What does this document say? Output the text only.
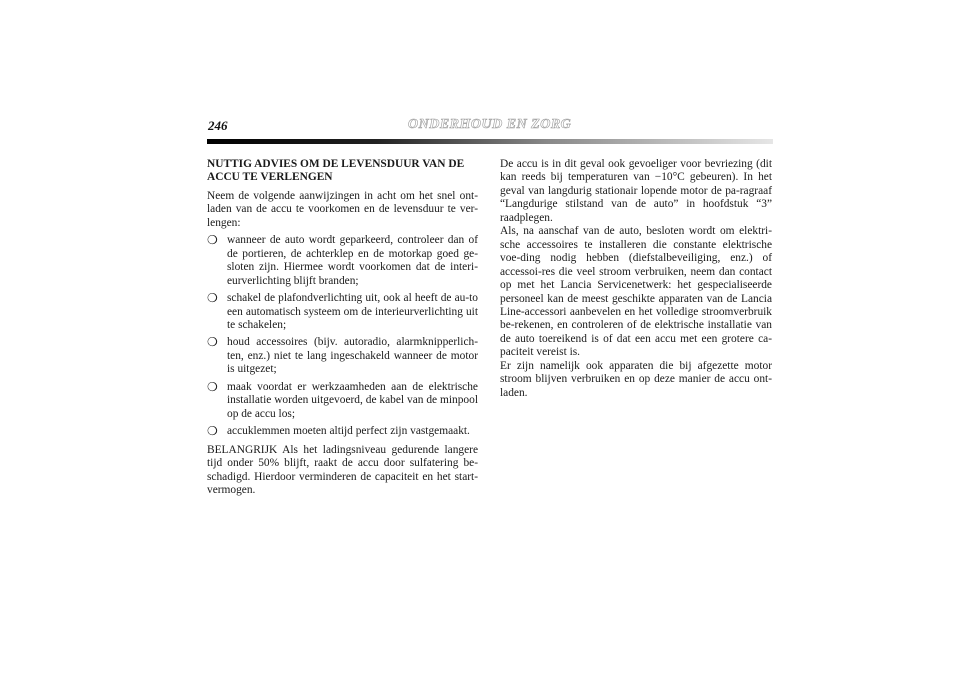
246	ONDERHOUD EN ZORG

NUTTIG ADVIES OM DE LEVENSDUUR VAN DE ACCU TE VERLENGEN

Neem de volgende aanwijzingen in acht om het snel ont-laden van de accu te voorkomen en de levensduur te ver-lengen:

❍ wanneer de auto wordt geparkeerd, controleer dan of de portieren, de achterklep en de motorkap goed ge-sloten zijn. Hiermee wordt voorkomen dat de interi-eurverlichting blijft branden;
❍ schakel de plafondverlichting uit, ook al heeft de au-to een automatisch systeem om de interieurverlichting uit te schakelen;
❍ houd accessoires (bijv. autoradio, alarmknipperlich-ten, enz.) niet te lang ingeschakeld wanneer de motor is uitgezet;
❍ maak voordat er werkzaamheden aan de elektrische installatie worden uitgevoerd, de kabel van de minpool op de accu los;
❍ accuklemmen moeten altijd perfect zijn vastgemaakt.

BELANGRIJK Als het ladingsniveau gedurende langere tijd onder 50% blijft, raakt de accu door sulfatering be-schadigd. Hierdoor verminderen de capaciteit en het start-vermogen.

De accu is in dit geval ook gevoeliger voor bevriezing (dit kan reeds bij temperaturen van −10°C gebeuren). In het geval van langdurig stationair lopende motor de pa-ragraaf “Langdurige stilstand van de auto” in hoofdstuk “3” raadplegen.

Als, na aanschaf van de auto, besloten wordt om elektri-sche accessoires te installeren die constante elektrische voe-ding nodig hebben (diefstalbeveiliging, enz.) of accessoi-res die veel stroom verbruiken, neem dan contact op met het Lancia Servicenetwerk: het gespecialiseerde personeel kan de meest geschikte apparaten van de Lancia Line-accessori aanbevelen en het volledige stroomverbruik be-rekenen, en controleren of de elektrische installatie van de auto toereikend is of dat een accu met een grotere ca-paciteit vereist is.

Er zijn namelijk ook apparaten die bij afgezette motor stroom blijven verbruiken en op deze manier de accu ont-laden.
